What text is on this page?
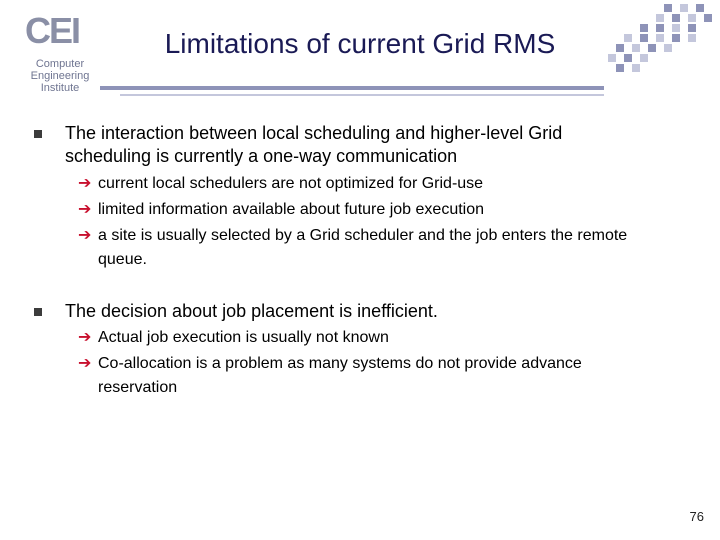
CEI
Computer
Engineering
Institute
Limitations of current Grid RMS
The interaction between local scheduling and higher-level Grid scheduling is currently a one-way communication
➔ current local schedulers are not optimized for Grid-use
➔ limited information available about future job execution
➔ a site is usually selected by a Grid scheduler and the job enters the remote queue.
The decision about job placement is inefficient.
➔ Actual job execution is usually not known
➔ Co-allocation is a problem as many systems do not provide advance reservation
76
